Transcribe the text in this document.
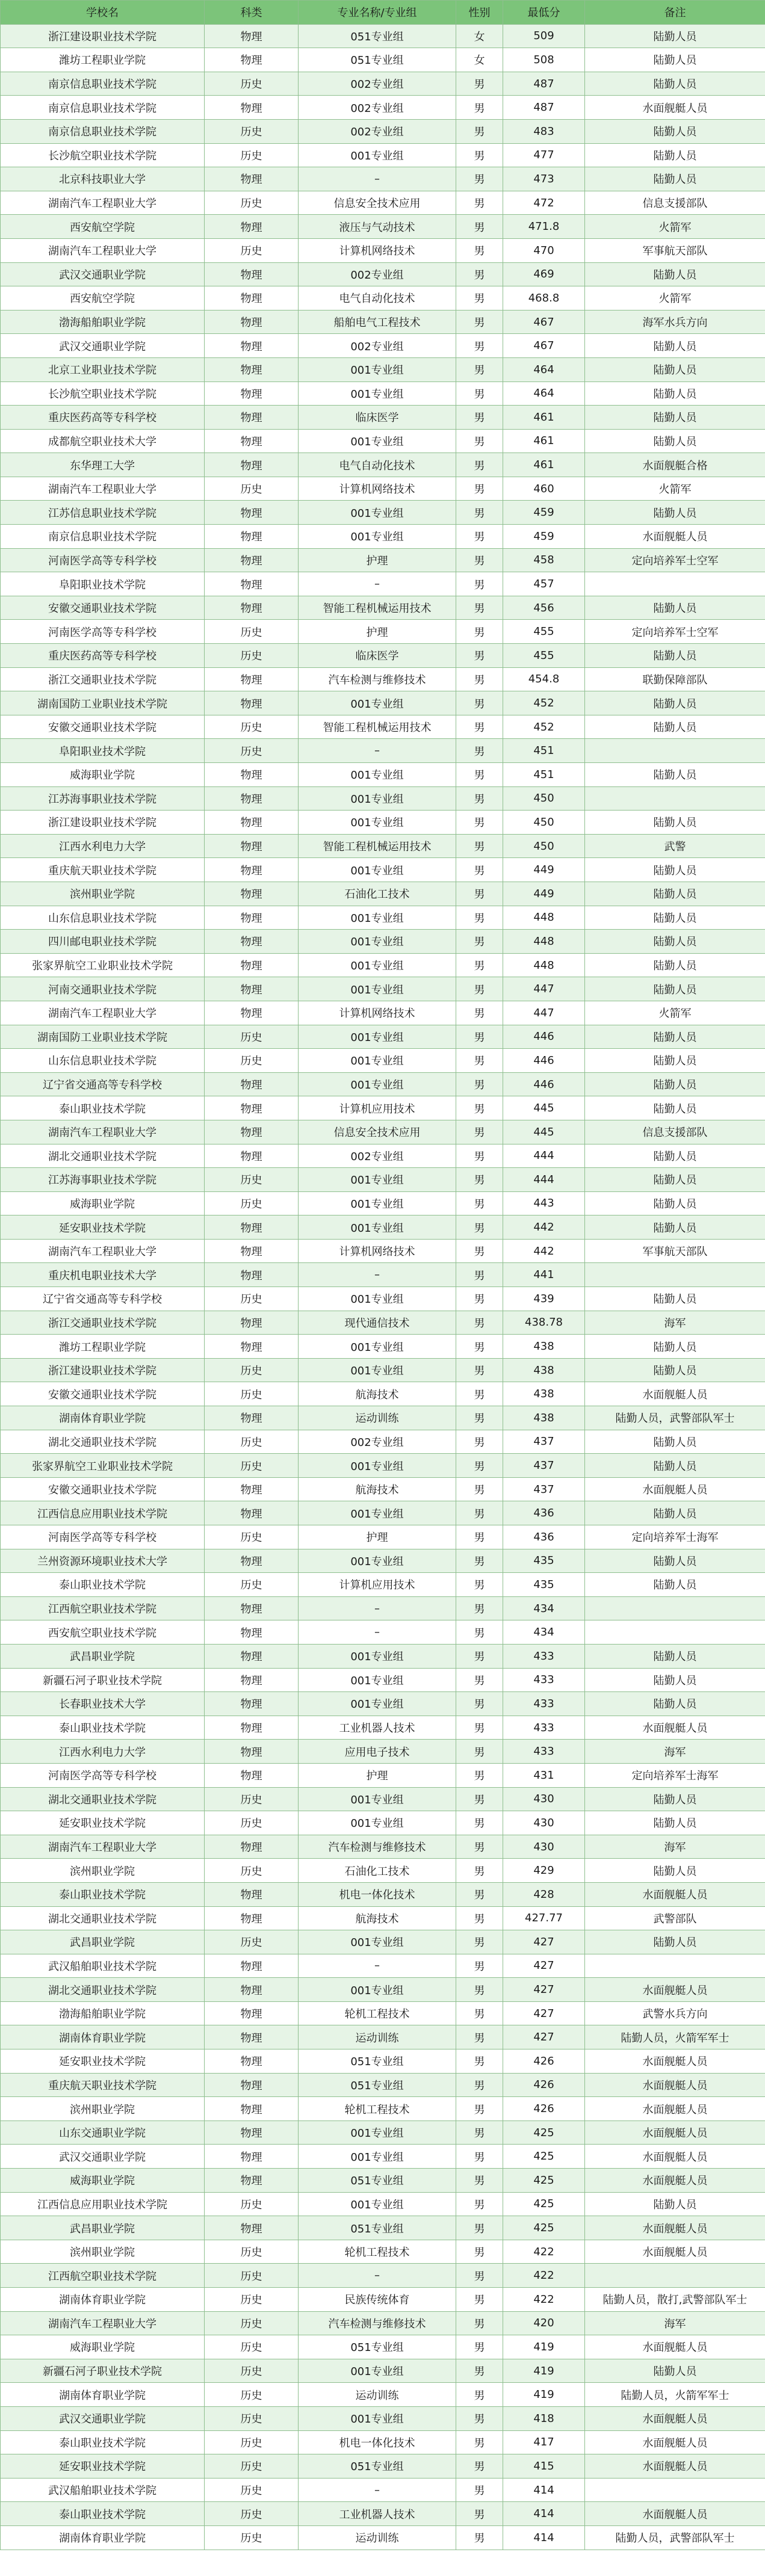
学校名	科类	专业名称/专业组	性别	最低分	备注
浙江建设职业技术学院	物理	051专业组	女	509	陆勤人员
潍坊工程职业学院	物理	051专业组	女	508	陆勤人员
南京信息职业技术学院	历史	002专业组	男	487	陆勤人员
南京信息职业技术学院	物理	002专业组	男	487	水面舰艇人员
南京信息职业技术学院	历史	002专业组	男	483	陆勤人员
长沙航空职业技术学院	历史	001专业组	男	477	陆勤人员
北京科技职业大学	物理	–	男	473	陆勤人员
湖南汽车工程职业大学	历史	信息安全技术应用	男	472	信息支援部队
西安航空学院	物理	液压与气动技术	男	471.8	火箭军
湖南汽车工程职业大学	历史	计算机网络技术	男	470	军事航天部队
武汉交通职业学院	物理	002专业组	男	469	陆勤人员
西安航空学院	物理	电气自动化技术	男	468.8	火箭军
渤海船舶职业学院	物理	船舶电气工程技术	男	467	海军水兵方向
武汉交通职业学院	物理	002专业组	男	467	陆勤人员
北京工业职业技术学院	物理	001专业组	男	464	陆勤人员
长沙航空职业技术学院	物理	001专业组	男	464	陆勤人员
重庆医药高等专科学校	物理	临床医学	男	461	陆勤人员
成都航空职业技术大学	物理	001专业组	男	461	陆勤人员
东华理工大学	物理	电气自动化技术	男	461	水面舰艇合格
湖南汽车工程职业大学	历史	计算机网络技术	男	460	火箭军
江苏信息职业技术学院	物理	001专业组	男	459	陆勤人员
南京信息职业技术学院	物理	001专业组	男	459	水面舰艇人员
河南医学高等专科学校	物理	护理	男	458	定向培养军士空军
阜阳职业技术学院	物理	–	男	457	
安徽交通职业技术学院	物理	智能工程机械运用技术	男	456	陆勤人员
河南医学高等专科学校	历史	护理	男	455	定向培养军士空军
重庆医药高等专科学校	历史	临床医学	男	455	陆勤人员
浙江交通职业技术学院	物理	汽车检测与维修技术	男	454.8	联勤保障部队
湖南国防工业职业技术学院	物理	001专业组	男	452	陆勤人员
安徽交通职业技术学院	历史	智能工程机械运用技术	男	452	陆勤人员
阜阳职业技术学院	历史	–	男	451	
威海职业学院	物理	001专业组	男	451	陆勤人员
江苏海事职业技术学院	物理	001专业组	男	450	
浙江建设职业技术学院	物理	001专业组	男	450	陆勤人员
江西水利电力大学	物理	智能工程机械运用技术	男	450	武警
重庆航天职业技术学院	物理	001专业组	男	449	陆勤人员
滨州职业学院	物理	石油化工技术	男	449	陆勤人员
山东信息职业技术学院	物理	001专业组	男	448	陆勤人员
四川邮电职业技术学院	物理	001专业组	男	448	陆勤人员
张家界航空工业职业技术学院	物理	001专业组	男	448	陆勤人员
河南交通职业技术学院	物理	001专业组	男	447	陆勤人员
湖南汽车工程职业大学	物理	计算机网络技术	男	447	火箭军
湖南国防工业职业技术学院	历史	001专业组	男	446	陆勤人员
山东信息职业技术学院	历史	001专业组	男	446	陆勤人员
辽宁省交通高等专科学校	物理	001专业组	男	446	陆勤人员
泰山职业技术学院	物理	计算机应用技术	男	445	陆勤人员
湖南汽车工程职业大学	物理	信息安全技术应用	男	445	信息支援部队
湖北交通职业技术学院	物理	002专业组	男	444	陆勤人员
江苏海事职业技术学院	历史	001专业组	男	444	陆勤人员
威海职业学院	历史	001专业组	男	443	陆勤人员
延安职业技术学院	物理	001专业组	男	442	陆勤人员
湖南汽车工程职业大学	物理	计算机网络技术	男	442	军事航天部队
重庆机电职业技术大学	物理	–	男	441	
辽宁省交通高等专科学校	历史	001专业组	男	439	陆勤人员
浙江交通职业技术学院	物理	现代通信技术	男	438.78	海军
潍坊工程职业学院	物理	001专业组	男	438	陆勤人员
浙江建设职业技术学院	历史	001专业组	男	438	陆勤人员
安徽交通职业技术学院	历史	航海技术	男	438	水面舰艇人员
湖南体育职业学院	物理	运动训练	男	438	陆勤人员，武警部队军士
湖北交通职业技术学院	历史	002专业组	男	437	陆勤人员
张家界航空工业职业技术学院	历史	001专业组	男	437	陆勤人员
安徽交通职业技术学院	物理	航海技术	男	437	水面舰艇人员
江西信息应用职业技术学院	物理	001专业组	男	436	陆勤人员
河南医学高等专科学校	历史	护理	男	436	定向培养军士海军
兰州资源环境职业技术大学	物理	001专业组	男	435	陆勤人员
泰山职业技术学院	历史	计算机应用技术	男	435	陆勤人员
江西航空职业技术学院	物理	–	男	434	
西安航空职业技术学院	物理	–	男	434	
武昌职业学院	物理	001专业组	男	433	陆勤人员
新疆石河子职业技术学院	物理	001专业组	男	433	陆勤人员
长春职业技术大学	物理	001专业组	男	433	陆勤人员
泰山职业技术学院	物理	工业机器人技术	男	433	水面舰艇人员
江西水利电力大学	物理	应用电子技术	男	433	海军
河南医学高等专科学校	物理	护理	男	431	定向培养军士海军
湖北交通职业技术学院	历史	001专业组	男	430	陆勤人员
延安职业技术学院	历史	001专业组	男	430	陆勤人员
湖南汽车工程职业大学	物理	汽车检测与维修技术	男	430	海军
滨州职业学院	历史	石油化工技术	男	429	陆勤人员
泰山职业技术学院	物理	机电一体化技术	男	428	水面舰艇人员
湖北交通职业技术学院	物理	航海技术	男	427.77	武警部队
武昌职业学院	历史	001专业组	男	427	陆勤人员
武汉船舶职业技术学院	物理	–	男	427	
湖北交通职业技术学院	物理	001专业组	男	427	水面舰艇人员
渤海船舶职业学院	物理	轮机工程技术	男	427	武警水兵方向
湖南体育职业学院	物理	运动训练	男	427	陆勤人员，火箭军军士
延安职业技术学院	物理	051专业组	男	426	水面舰艇人员
重庆航天职业技术学院	物理	051专业组	男	426	水面舰艇人员
滨州职业学院	物理	轮机工程技术	男	426	水面舰艇人员
山东交通职业学院	物理	001专业组	男	425	水面舰艇人员
武汉交通职业学院	物理	001专业组	男	425	水面舰艇人员
威海职业学院	物理	051专业组	男	425	水面舰艇人员
江西信息应用职业技术学院	历史	001专业组	男	425	陆勤人员
武昌职业学院	物理	051专业组	男	425	水面舰艇人员
滨州职业学院	历史	轮机工程技术	男	422	水面舰艇人员
江西航空职业技术学院	历史	–	男	422	
湖南体育职业学院	历史	民族传统体育	男	422	陆勤人员，散打,武警部队军士
湖南汽车工程职业大学	历史	汽车检测与维修技术	男	420	海军
威海职业学院	历史	051专业组	男	419	水面舰艇人员
新疆石河子职业技术学院	历史	001专业组	男	419	陆勤人员
湖南体育职业学院	历史	运动训练	男	419	陆勤人员，火箭军军士
武汉交通职业学院	历史	001专业组	男	418	水面舰艇人员
泰山职业技术学院	历史	机电一体化技术	男	417	水面舰艇人员
延安职业技术学院	历史	051专业组	男	415	水面舰艇人员
武汉船舶职业技术学院	历史	–	男	414	
泰山职业技术学院	历史	工业机器人技术	男	414	水面舰艇人员
湖南体育职业学院	历史	运动训练	男	414	陆勤人员，武警部队军士
